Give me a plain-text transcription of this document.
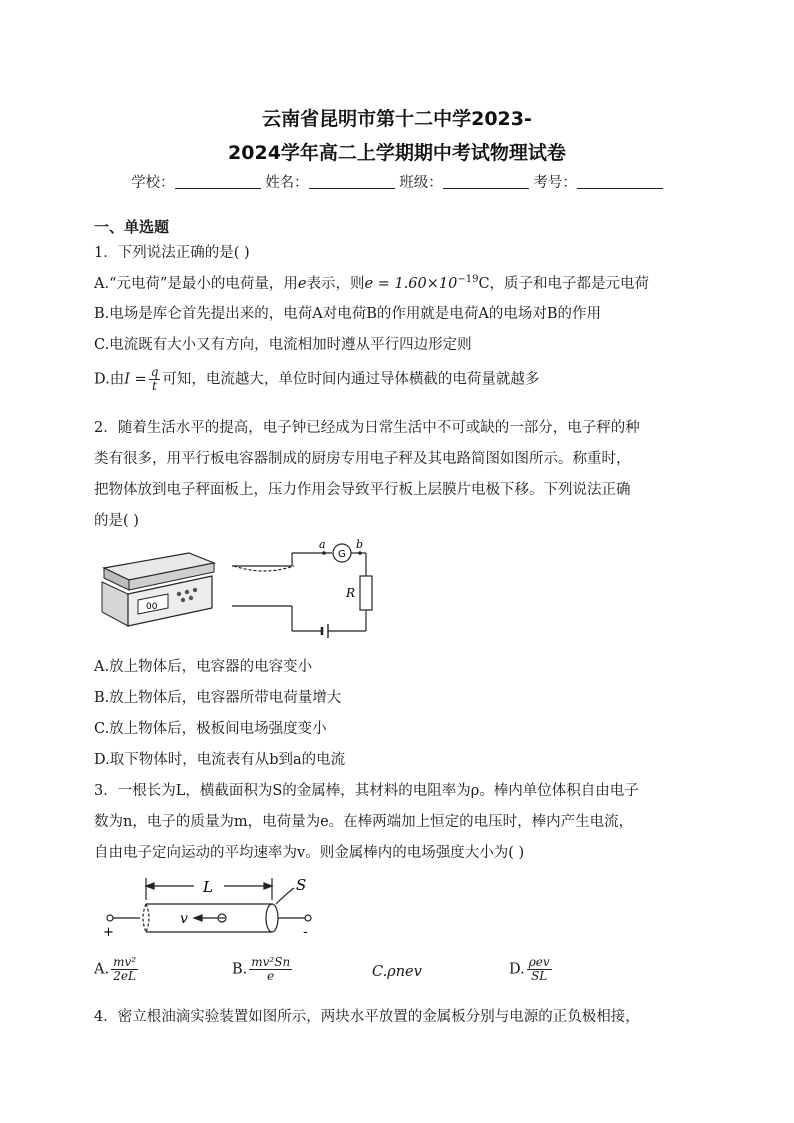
云南省昆明市第十二中学2023-
2024学年高二上学期期中考试物理试卷
学校：	姓名：	班级：	考号：
一、单选题
1．下列说法正确的是( )
A.“元电荷”是最小的电荷量，用e表示，则$e = 1.60\times 10^{-19}C$，质子和电子都是元电荷
B.电场是库仑首先提出来的，电荷A对电荷B的作用就是电荷A的电场对B的作用
C.电流既有大小又有方向，电流相加时遵从平行四边形定则
D.由$I = \frac{q}{t}$ 可知，电流越大，单位时间内通过导体横截的电荷量就越多
2．随着生活水平的提高，电子钟已经成为日常生活中不可或缺的一部分，电子秤的种
类有很多，用平行板电容器制成的厨房专用电子秤及其电路简图如图所示。称重时，
把物体放到电子秤面板上，压力作用会导致平行板上层膜片电极下移。下列说法正确
的是( )
00
a	b
G
R
A.放上物体后，电容器的电容变小
B.放上物体后，电容器所带电荷量增大
C.放上物体后，极板间电场强度变小
D.取下物体时，电流表有从b到a的电流
3．一根长为L，横截面积为S的金属棒，其材料的电阻率为ρ。棒内单位体积自由电子
数为n，电子的质量为m，电荷量为e。在棒两端加上恒定的电压时，棒内产生电流，
自由电子定向运动的平均速率为v。则金属棒内的电场强度大小为( )
L	S
v
+	-
A. $\frac{\text{mv²}}{2eL}$	B. $\frac{\text{mv²Sn}}{e}$	C.ρnev	D. $\frac{\text{ρev}}{SL}$
4．密立根油滴实验装置如图所示，两块水平放置的金属板分别与电源的正负极相接，
